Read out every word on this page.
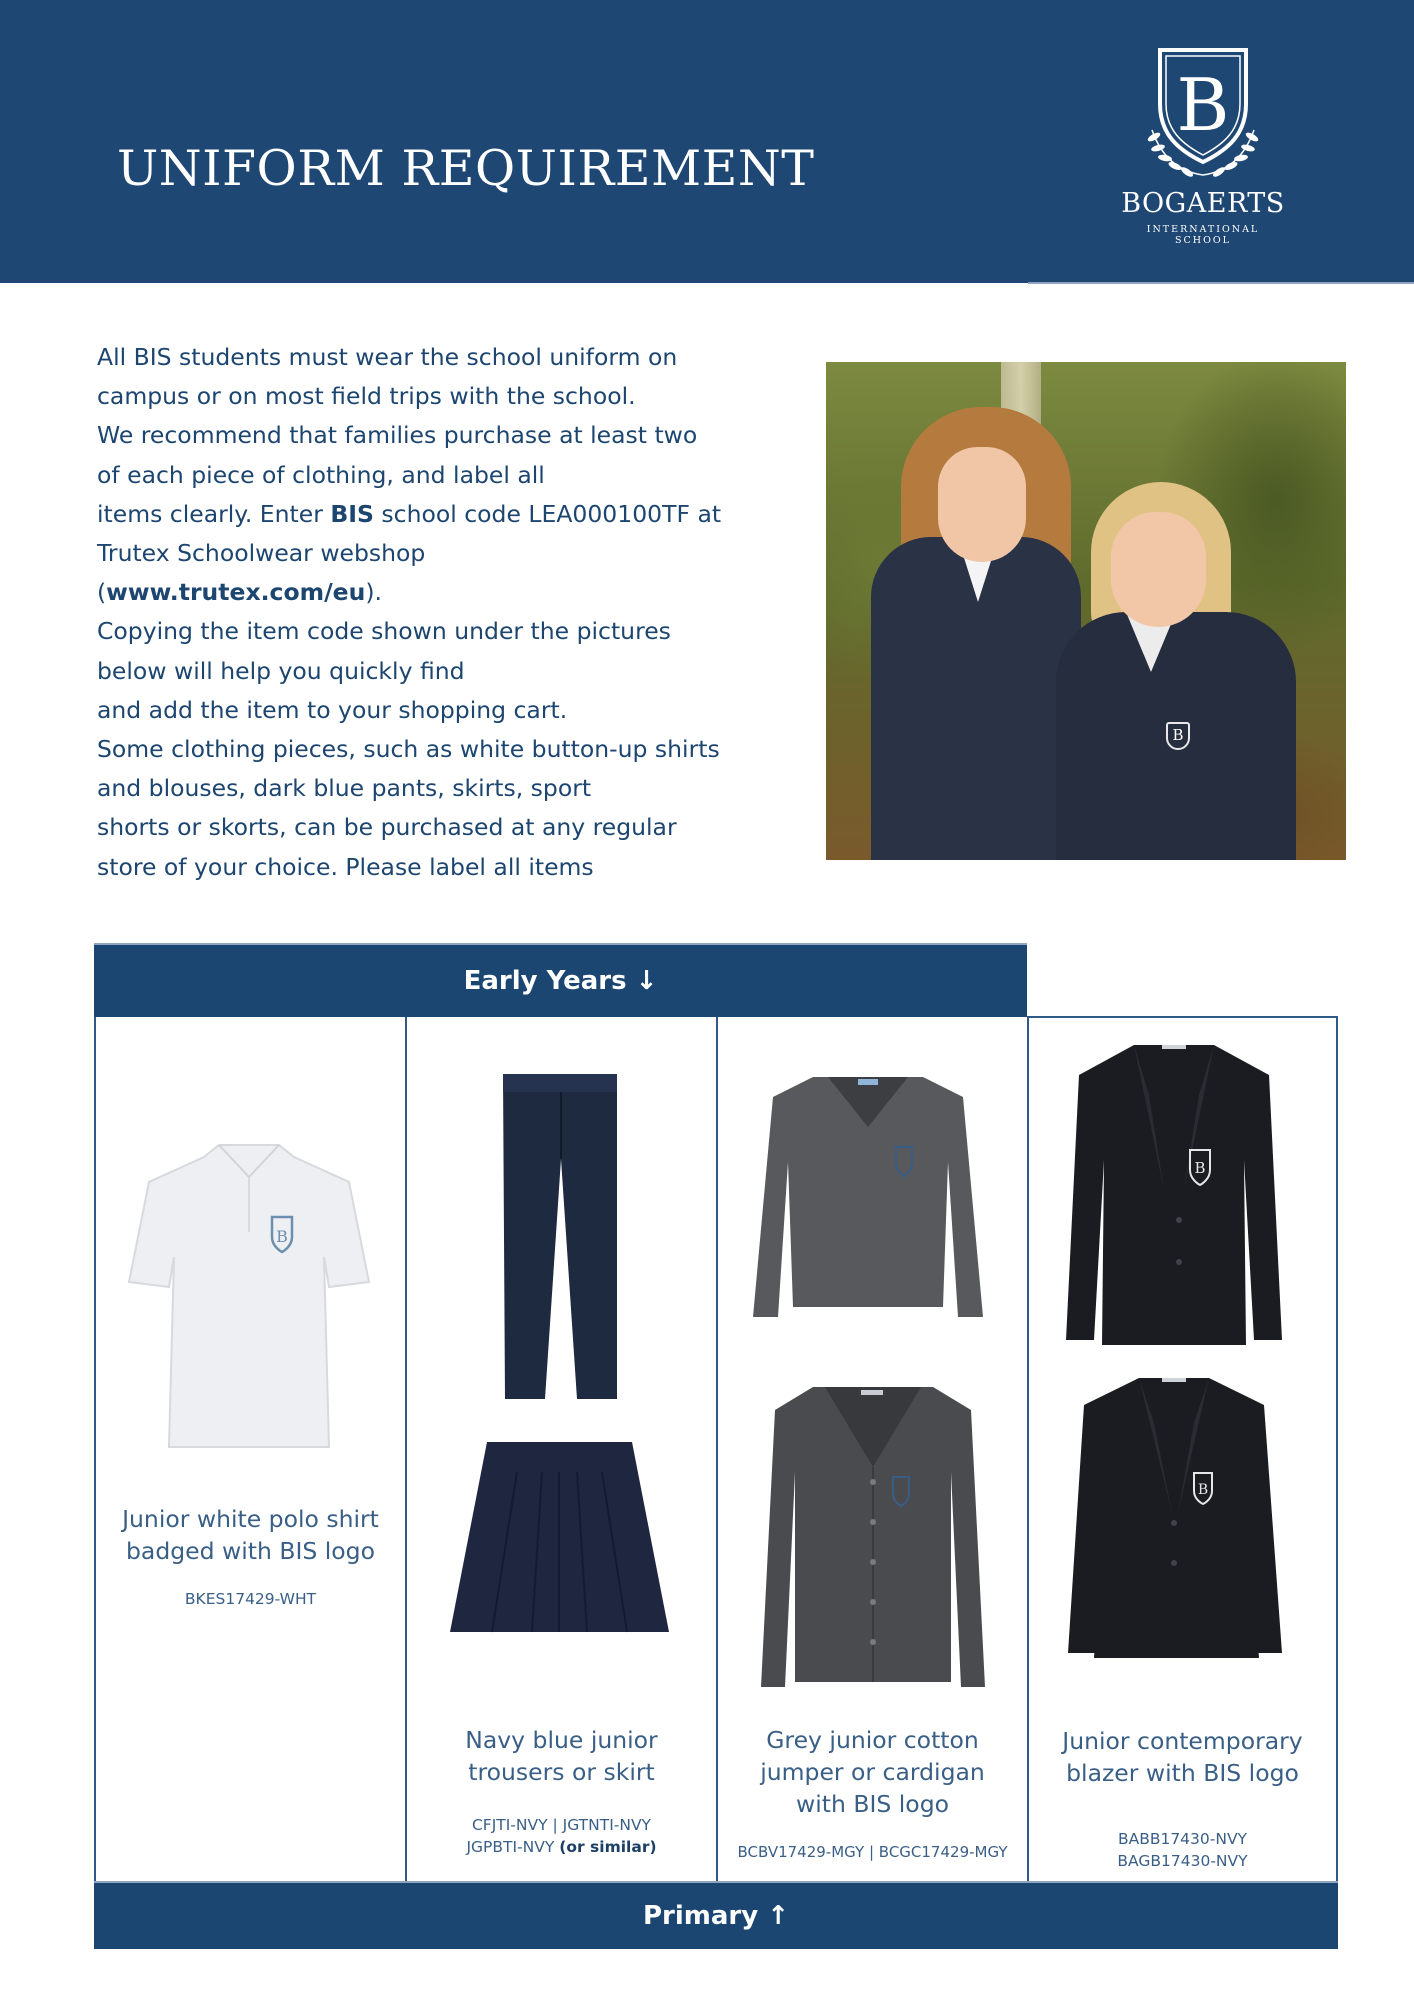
UNIFORM REQUIREMENT
B
BOGAERTS
INTERNATIONAL SCHOOL
All BIS students must wear the school uniform on
campus or on most field trips with the school.
We recommend that families purchase at least two
of each piece of clothing, and label all
items clearly. Enter BIS school code LEA000100TF at
Trutex Schoolwear webshop
(www.trutex.com/eu).
Copying the item code shown under the pictures
below will help you quickly find
and add the item to your shopping cart.
Some clothing pieces, such as white button-up shirts
and blouses, dark blue pants, skirts, sport
shorts or skorts, can be purchased at any regular
store of your choice. Please label all items
B
Early Years ↓
B
Junior white polo shirt
badged with BIS logo
BKES17429-WHT
Navy blue junior
trousers or skirt
CFJTI-NVY | JGTNTI-NVY
JGPBTI-NVY (or similar)
Grey junior cotton
jumper or cardigan
with BIS logo
BCBV17429-MGY | BCGC17429-MGY
B
B
Junior contemporary
blazer with BIS logo
BABB17430-NVY
BAGB17430-NVY
Primary ↑
